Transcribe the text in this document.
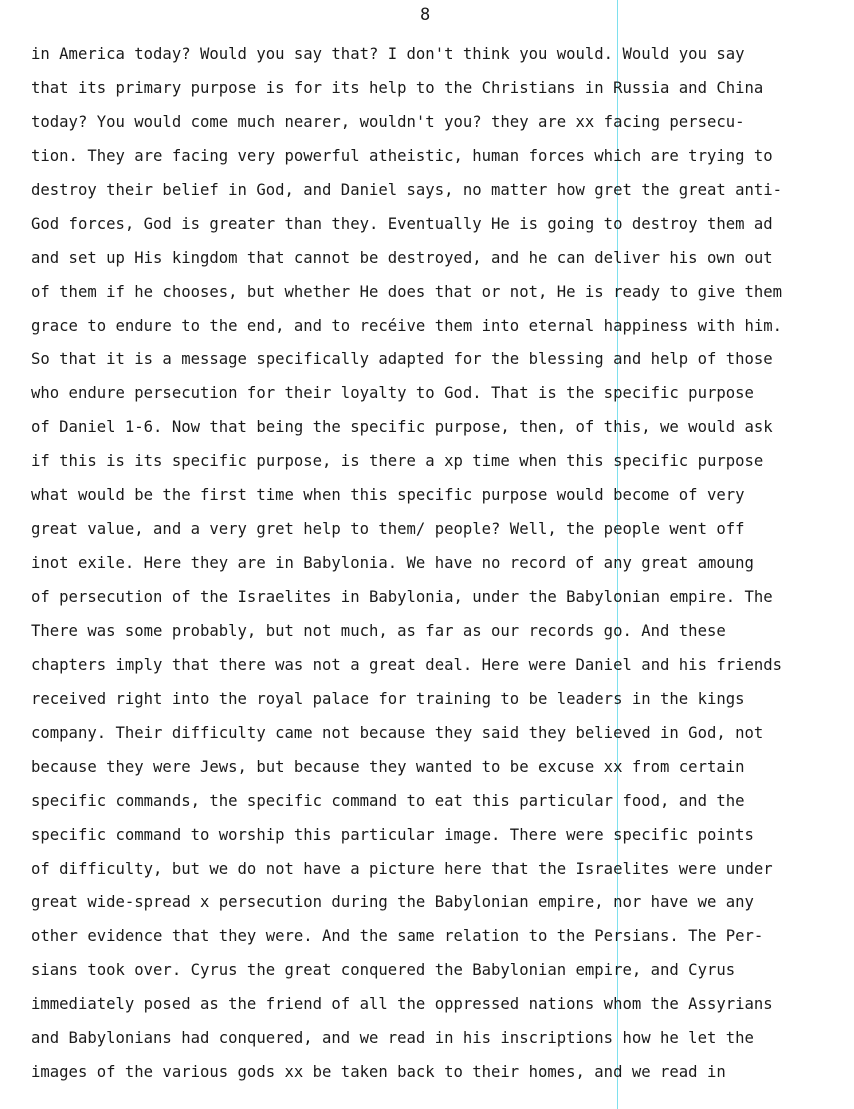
8
in America today? Would you say that? I don't think you would. Would you say
that its primary purpose is for its help to the Christians in Russia and China
today? You would come much nearer, wouldn't you? they are xx facing persecu-
tion. They are facing very powerful atheistic, human forces which are trying to
destroy their belief in God, and Daniel says, no matter how gret the great anti-
God forces, God is greater than they. Eventually He is going to destroy them ad
and set up His kingdom that cannot be destroyed, and he can deliver his own out
of them if he chooses, but whether He does that or not, He is ready to give them
grace to endure to the end, and to recéive them into eternal happiness with him.
So that it is a message specifically adapted for the blessing and help of those
who endure persecution for their loyalty to God. That is the specific purpose
of Daniel 1-6. Now that being the specific purpose, then, of this, we would ask
if this is its specific purpose, is there a xp time when this specific purpose
what would be the first time when this specific purpose would become of very
great value, and a very gret help to them/ people? Well, the people went off
inot exile. Here they are in Babylonia. We have no record of any great amoung
of persecution of the Israelites in Babylonia, under the Babylonian empire. The
There was some probably, but not much, as far as our records go. And these
chapters imply that there was not a great deal. Here were Daniel and his friends
received right into the royal palace for training to be leaders in the kings
company. Their difficulty came not because they said they believed in God, not
because they were Jews, but because they wanted to be excuse xx from certain
specific commands, the specific command to eat this particular food, and the
specific command to worship this particular image. There were specific points
of difficulty, but we do not have a picture here that the Israelites were under
great wide-spread x persecution during the Babylonian empire, nor have we any
other evidence that they were. And the same relation to the Persians. The Per-
sians took over. Cyrus the great conquered the Babylonian empire, and Cyrus
immediately posed as the friend of all the oppressed nations whom the Assyrians
and Babylonians had conquered, and we read in his inscriptions how he let the
images of the various gods xx be taken back to their homes, and we read in
